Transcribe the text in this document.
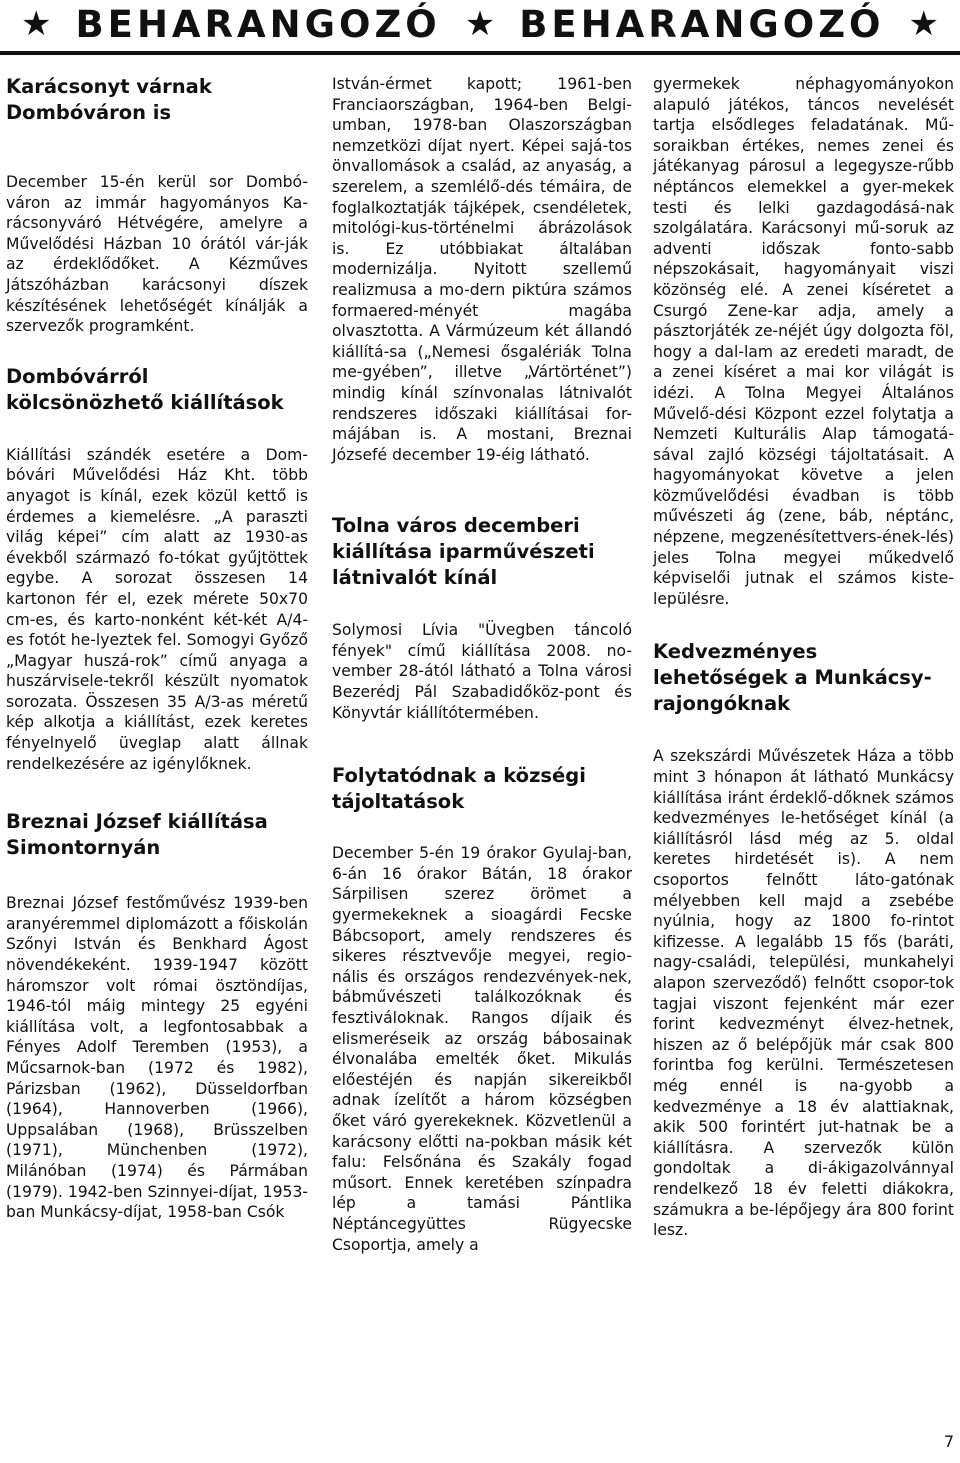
★ BEHARANGOZÓ ★ BEHARANGOZÓ ★
Karácsonyt várnak Dombóváron is

December 15-én kerül sor Dombó-váron az immár hagyományos Ka-rácsonyváró Hétvégére, amelyre a Művelődési Házban 10 órától vár-ják az érdeklődőket. A Kézműves Játszóházban karácsonyi díszek készítésének lehetőségét kínálják a szervezők programként.

Dombóvárról kölcsönözhető kiállítások

Kiállítási szándék esetére a Dom-bóvári Művelődési Ház Kht. több anyagot is kínál, ezek közül kettő is érdemes a kiemelésre. „A paraszti világ képei” cím alatt az 1930-as évekből származó fo-tókat gyűjtöttek egybe. A sorozat összesen 14 kartonon fér el, ezek mérete 50x70 cm-es, és karto-nonként két-két A/4-es fotót he-lyeztek fel. Somogyi Győző „Magyar huszá-rok” című anyaga a huszárvisele-tekről készült nyomatok sorozata. Összesen 35 A/3-as méretű kép alkotja a kiállítást, ezek keretes fényelnyelő üveglap alatt állnak rendelkezésére az igénylőknek.

Breznai József kiállítása Simontornyán

Breznai József festőművész 1939-ben aranyéremmel diplomázott a főiskolán Szőnyi István és Benkhard Ágost növendékeként. 1939-1947 között háromszor volt római ösztöndíjas, 1946-tól máig mintegy 25 egyéni kiállítása volt, a legfontosabbak a Fényes Adolf Teremben (1953), a Műcsarnok-ban (1972 és 1982), Párizsban (1962), Düsseldorfban (1964), Hannoverben (1966), Uppsalában (1968), Brüsszelben (1971), Münchenben (1972), Milánóban (1974) és Pármában (1979). 1942-ben Szinnyei-díjat, 1953-ban Munkácsy-díjat, 1958-ban Csók

István-érmet kapott; 1961-ben Franciaországban, 1964-ben Belgi-umban, 1978-ban Olaszországban nemzetközi díjat nyert. Képei sajá-tos önvallomások a család, az anyaság, a szerelem, a szemlélő-dés témáira, de foglalkoztatják tájképek, csendéletek, mitológi-kus-történelmi ábrázolások is. Ez utóbbiakat általában modernizálja. Nyitott szellemű realizmusa a mo-dern piktúra számos formaered-ményét magába olvasztotta. A Vármúzeum két állandó kiállítá-sa („Nemesi ősgalériák Tolna me-gyében”, illetve „Vártörténet”) mindig kínál színvonalas látnivalót rendszeres időszaki kiállításai for-májában is. A mostani, Breznai Józsefé december 19-éig látható.

Tolna város decemberi kiállítása iparművészeti látnivalót kínál

Solymosi Lívia "Üvegben táncoló fények" című kiállítása 2008. no-vember 28-ától látható a Tolna városi Bezerédj Pál Szabadidőköz-pont és Könyvtár kiállítótermében.

Folytatódnak a községi tájoltatások

December 5-én 19 órakor Gyulaj-ban, 6-án 16 órakor Bátán, 18 órakor Sárpilisen szerez örömet a gyermekeknek a sioagárdi Fecske Bábcsoport, amely rendszeres és sikeres résztvevője megyei, regio-nális és országos rendezvények-nek, bábművészeti találkozóknak és fesztiváloknak. Rangos díjaik és elismeréseik az ország bábosainak élvonalába emelték őket. Mikulás előestéjén és napján sikereikből adnak ízelítőt a három községben őket váró gyerekeknek. Közvetlenül a karácsony előtti na-pokban másik két falu: Felsőnána és Szakály fogad műsort. Ennek keretében színpadra lép a tamási Pántlika Néptáncegyüttes Rügyecske Csoportja, amely a

gyermekek néphagyományokon alapuló játékos, táncos nevelését tartja elsődleges feladatának. Mű-soraikban értékes, nemes zenei és játékanyag párosul a legegysze-rűbb néptáncos elemekkel a gyer-mekek testi és lelki gazdagodásá-nak szolgálatára. Karácsonyi mű-soruk az adventi időszak fonto-sabb népszokásait, hagyományait viszi közönség elé. A zenei kíséretet a Csurgó Zene-kar adja, amely a pásztorjáték ze-néjét úgy dolgozta föl, hogy a dal-lam az eredeti maradt, de a zenei kíséret a mai kor világát is idézi. A Tolna Megyei Általános Művelő-dési Központ ezzel folytatja a Nemzeti Kulturális Alap támogatá-sával zajló községi tájoltatásait. A hagyományokat követve a jelen közművelődési évadban is több művészeti ág (zene, báb, néptánc, népzene, megzenésítettvers-ének-lés) jeles Tolna megyei műkedvelő képviselői jutnak el számos kiste-lepülésre.

Kedvezményes lehetőségek a Munkácsy-rajongóknak

A szekszárdi Művészetek Háza a több mint 3 hónapon át látható Munkácsy kiállítása iránt érdeklő-dőknek számos kedvezményes le-hetőséget kínál (a kiállításról lásd még az 5. oldal keretes hirdetését is). A nem csoportos felnőtt láto-gatónak mélyebben kell majd a zsebébe nyúlnia, hogy az 1800 fo-rintot kifizesse. A legalább 15 fős (baráti, nagy-családi, települési, munkahelyi alapon szerveződő) felnőtt csopor-tok tagjai viszont fejenként már ezer forint kedvezményt élvez-hetnek, hiszen az ő belépőjük már csak 800 forintba fog kerülni. Természetesen még ennél is na-gyobb a kedvezménye a 18 év alattiaknak, akik 500 forintért jut-hatnak be a kiállításra. A szervezők külön gondoltak a di-ákigazolvánnyal rendelkező 18 év feletti diákokra, számukra a be-lépőjegy ára 800 forint lesz.

7
